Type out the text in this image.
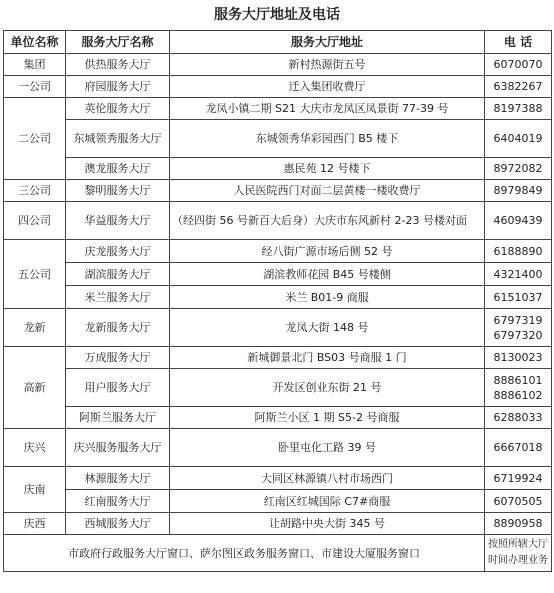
服务大厅地址及电话
单位名称	服务大厅名称	服务大厅地址	电 话
集团	供热服务大厅	新村热源街五号	6070070
一公司	府园服务大厅	迁入集团收费厅	6382267
二公司	英伦服务大厅	龙凤小镇二期 S21 大庆市龙凤区凤景街 77-39 号	8197388
	东城领秀服务大厅	东城领秀华彩园西门 B5 楼下	6404019
	澳龙服务大厅	惠民苑 12 号楼下	8972082
三公司	黎明服务大厅	人民医院西门对面二层黄楼一楼收费厅	8979849
四公司	华益服务大厅	（经四街 56 号新百大后身）大庆市东风新村 2-23 号楼对面	4609439
五公司	庆龙服务大厅	经八街广源市场后侧 52 号	6188890
	湖滨服务大厅	湖滨教师花园 B45 号楼侧	4321400
	米兰服务大厅	米兰 B01-9 商服	6151037
龙新	龙新服务大厅	龙凤大街 148 号	6797319
6797320
高新	万成服务大厅	新城御景北门 BS03 号商服 1 门	8130023
	用户服务大厅	开发区创业东街 21 号	8886101
8886102
	阿斯兰服务大厅	阿斯兰小区 1 期 S5-2 号商服	6288033
庆兴	庆兴服务服务大厅	卧里屯化工路 39 号	6667018
庆南	林源服务大厅	大同区林源镇八村市场西门	6719924
	红南服务大厅	红南区红城国际 C7#商服	6070505
庆西	西城服务大厅	让胡路中央大街 345 号	8890958
市政府行政服务大厅窗口、萨尔图区政务服务窗口、市建设大厦服务窗口			按照所辖大厅时间办理业务
